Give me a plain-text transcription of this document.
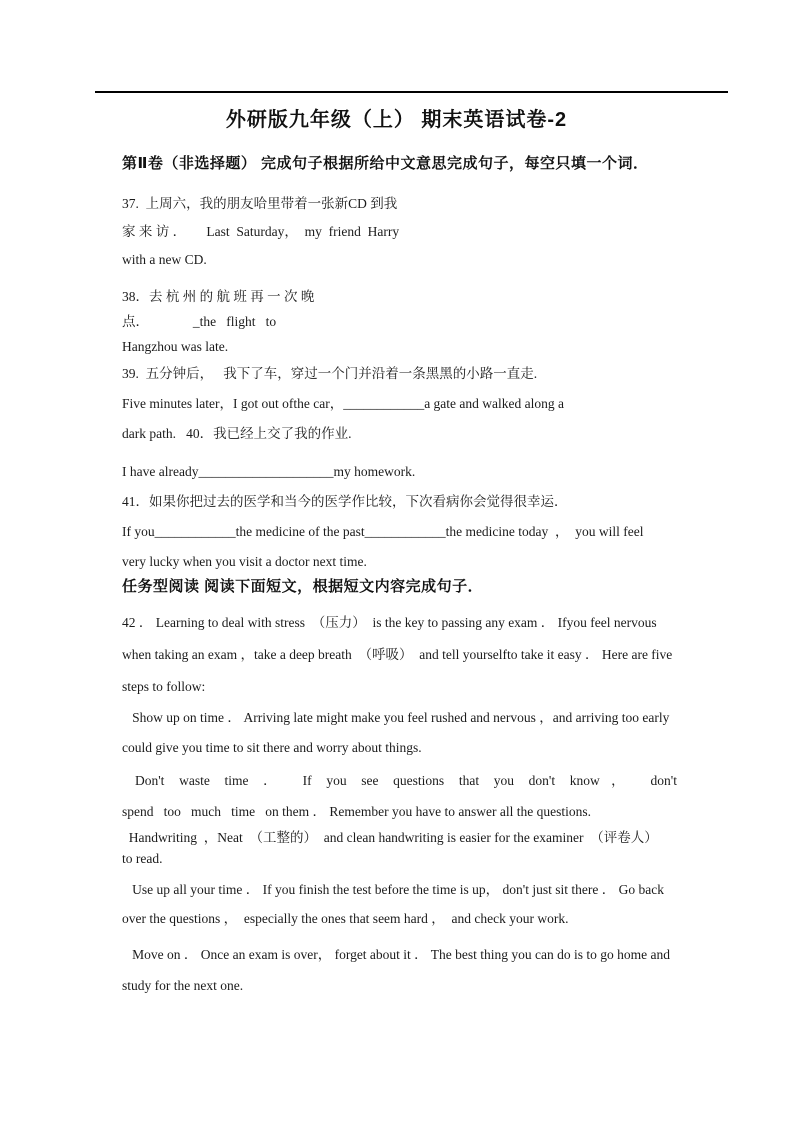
外研版九年级（上） 期末英语试卷-2
第Ⅱ卷（非选择题） 完成句子根据所给中文意思完成句子，每空只填一个词．
37.  上周六，我的朋友哈里带着一张新CD 到我
家 来 访 ．      Last  Saturday，  my  friend  Harry
with a new CD.
38．去 杭 州 的 航 班 再 一 次 晚
点．             _the   flight   to
Hangzhou was late.
39.  五分钟后，   我下了车，穿过一个门并沿着一条黑黑的小路一直走.
Five minutes later，I got out ofthe car，____________a gate and walked along a
dark path.   40．我已经上交了我的作业.
I have already____________________my homework.
41．如果你把过去的医学和当今的医学作比较，下次看病你会觉得很幸运．
If you____________the medicine of the past____________the medicine today  ，  you will feel
very lucky when you visit a doctor next time.
任务型阅读 阅读下面短文，根据短文内容完成句子．
42 ． Learning to deal with stress  （压力）  is the key to passing any exam ． Ifyou feel nervous
when taking an exam ，take a deep breath  （呼吸）  and tell yourselfto take it easy ． Here are five
steps to follow:
Show up on time ． Arriving late might make you feel rushed and nervous ，and arriving too early
could give you time to sit there and worry about things.
Don't waste time ． If you see questions that you don't know， don't
spend   too   much   time   on them ． Remember you have to answer all the questions.
Handwriting  ，Neat  （工整的）  and clean handwriting is easier for the examiner  （评卷人）
to read.
Use up all your time ． If you finish the test before the time is up， don't just sit there ． Go back
over the questions ，  especially the ones that seem hard ，  and check your work.
Move on ． Once an exam is over， forget about it ． The best thing you can do is to go home and
study for the next one.
